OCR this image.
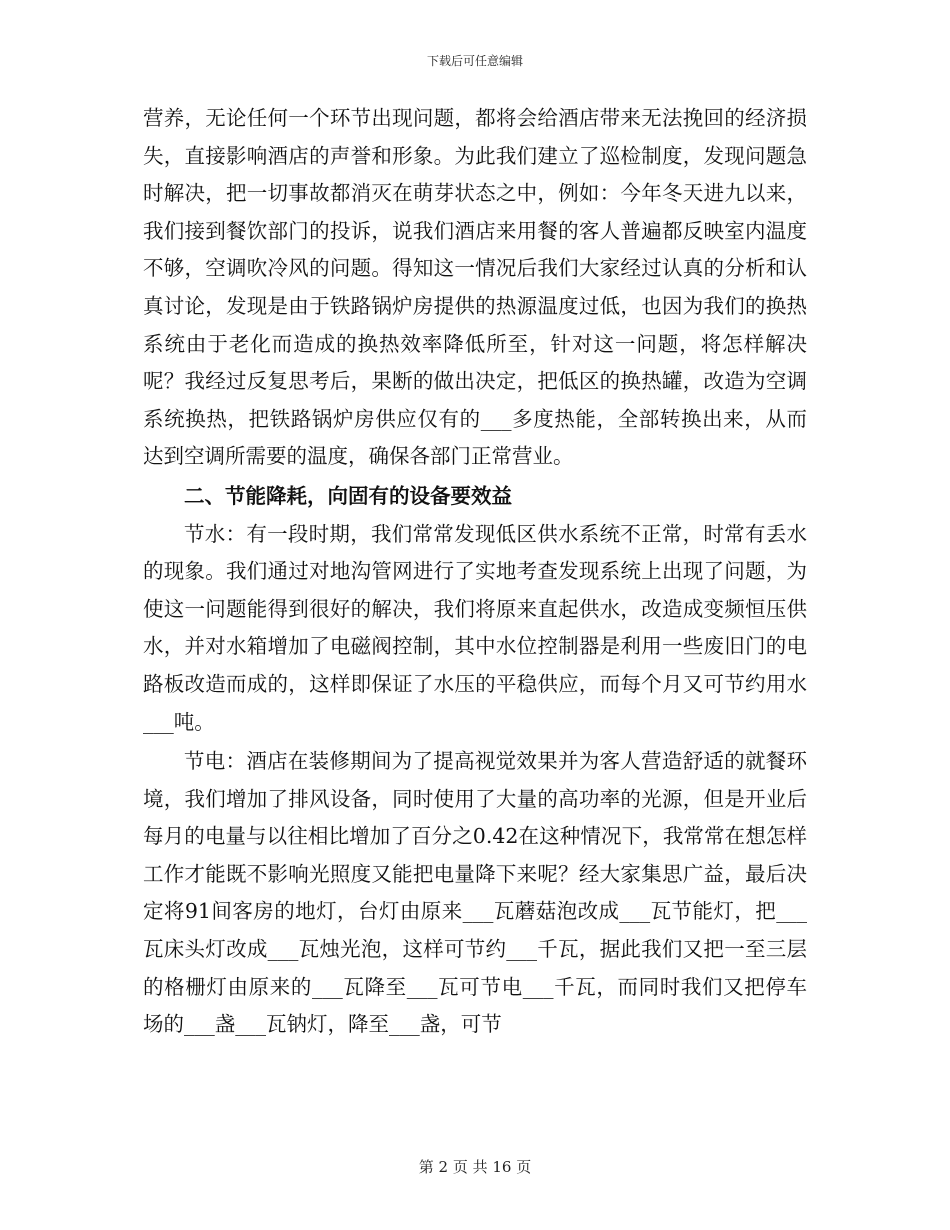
下载后可任意编辑

营养，无论任何一个环节出现问题，都将会给酒店带来无法挽回的经济损失，直接影响酒店的声誉和形象。为此我们建立了巡检制度，发现问题急时解决，把一切事故都消灭在萌芽状态之中，例如：今年冬天进九以来，我们接到餐饮部门的投诉，说我们酒店来用餐的客人普遍都反映室内温度不够，空调吹冷风的问题。得知这一情况后我们大家经过认真的分析和认真讨论，发现是由于铁路锅炉房提供的热源温度过低，也因为我们的换热系统由于老化而造成的换热效率降低所至，针对这一问题，将怎样解决呢？我经过反复思考后，果断的做出决定，把低区的换热罐，改造为空调系统换热，把铁路锅炉房供应仅有的___多度热能，全部转换出来，从而达到空调所需要的温度，确保各部门正常营业。

二、节能降耗，向固有的设备要效益

节水：有一段时期，我们常常发现低区供水系统不正常，时常有丢水的现象。我们通过对地沟管网进行了实地考查发现系统上出现了问题，为使这一问题能得到很好的解决，我们将原来直起供水，改造成变频恒压供水，并对水箱增加了电磁阀控制，其中水位控制器是利用一些废旧门的电路板改造而成的，这样即保证了水压的平稳供应，而每个月又可节约用水___吨。

节电：酒店在装修期间为了提高视觉效果并为客人营造舒适的就餐环境，我们增加了排风设备，同时使用了大量的高功率的光源，但是开业后每月的电量与以往相比增加了百分之0.42在这种情况下，我常常在想怎样工作才能既不影响光照度又能把电量降下来呢？经大家集思广益，最后决定将91间客房的地灯，台灯由原来___瓦蘑菇泡改成___瓦节能灯，把___瓦床头灯改成___瓦烛光泡，这样可节约___千瓦，据此我们又把一至三层的格栅灯由原来的___瓦降至___瓦可节电___千瓦，而同时我们又把停车场的___盏___瓦钠灯，降至___盏，可节

第 2 页 共 16 页
